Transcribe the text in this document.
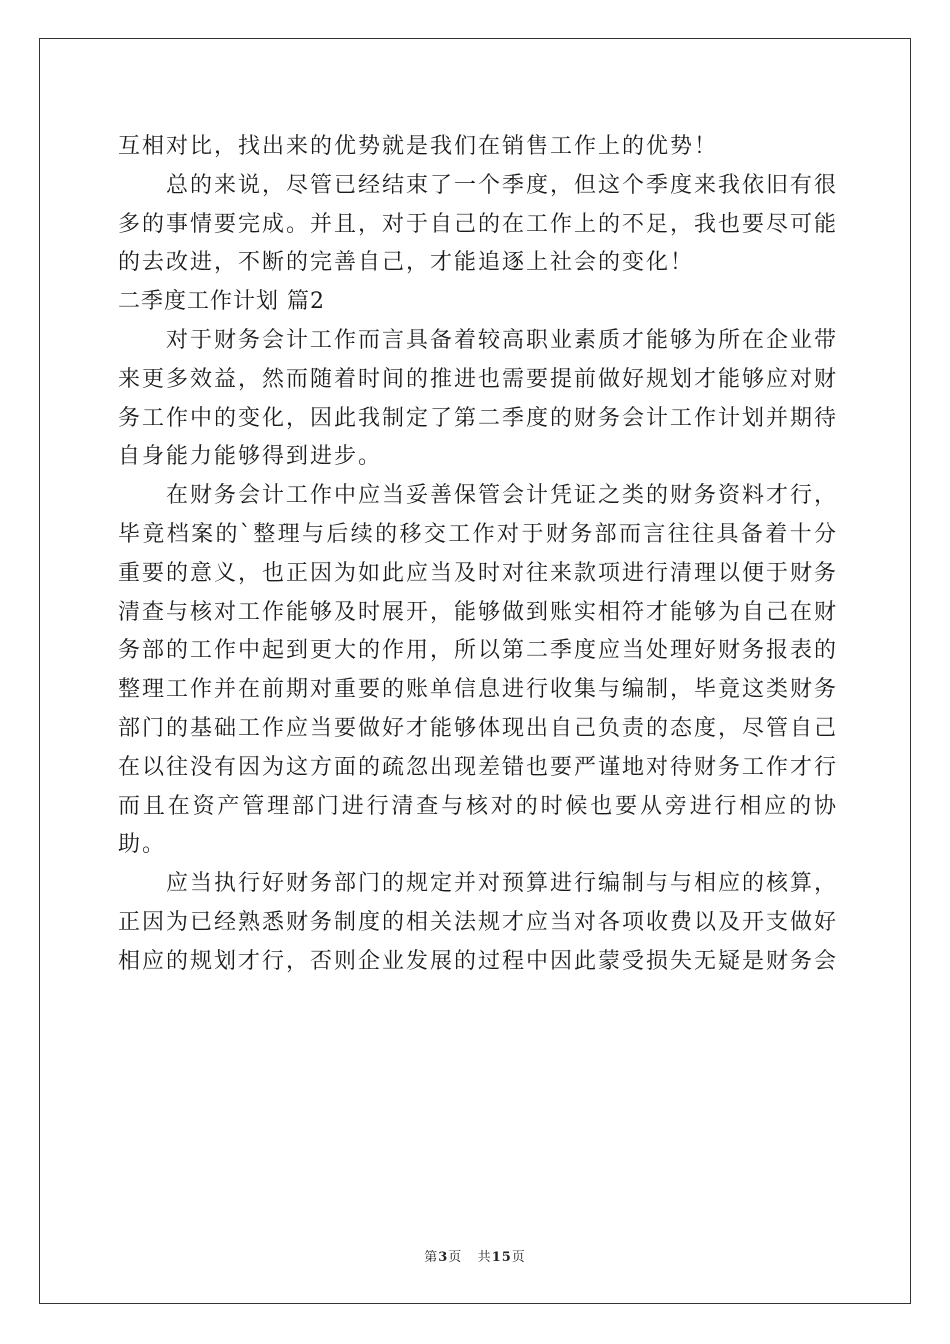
互相对比，找出来的优势就是我们在销售工作上的优势！

总的来说，尽管已经结束了一个季度，但这个季度来我依旧有很多的事情要完成。并且，对于自己的在工作上的不足，我也要尽可能的去改进，不断的完善自己，才能追逐上社会的变化！

二季度工作计划 篇2

对于财务会计工作而言具备着较高职业素质才能够为所在企业带来更多效益，然而随着时间的推进也需要提前做好规划才能够应对财务工作中的变化，因此我制定了第二季度的财务会计工作计划并期待自身能力能够得到进步。

在财务会计工作中应当妥善保管会计凭证之类的财务资料才行，毕竟档案的`整理与后续的移交工作对于财务部而言往往具备着十分重要的意义，也正因为如此应当及时对往来款项进行清理以便于财务清查与核对工作能够及时展开，能够做到账实相符才能够为自己在财务部的工作中起到更大的作用，所以第二季度应当处理好财务报表的整理工作并在前期对重要的账单信息进行收集与编制，毕竟这类财务部门的基础工作应当要做好才能够体现出自己负责的态度，尽管自己在以往没有因为这方面的疏忽出现差错也要严谨地对待财务工作才行而且在资产管理部门进行清查与核对的时候也要从旁进行相应的协助。

应当执行好财务部门的规定并对预算进行编制与与相应的核算，正因为已经熟悉财务制度的相关法规才应当对各项收费以及开支做好相应的规划才行，否则企业发展的过程中因此蒙受损失无疑是财务会

第3页 共15页
